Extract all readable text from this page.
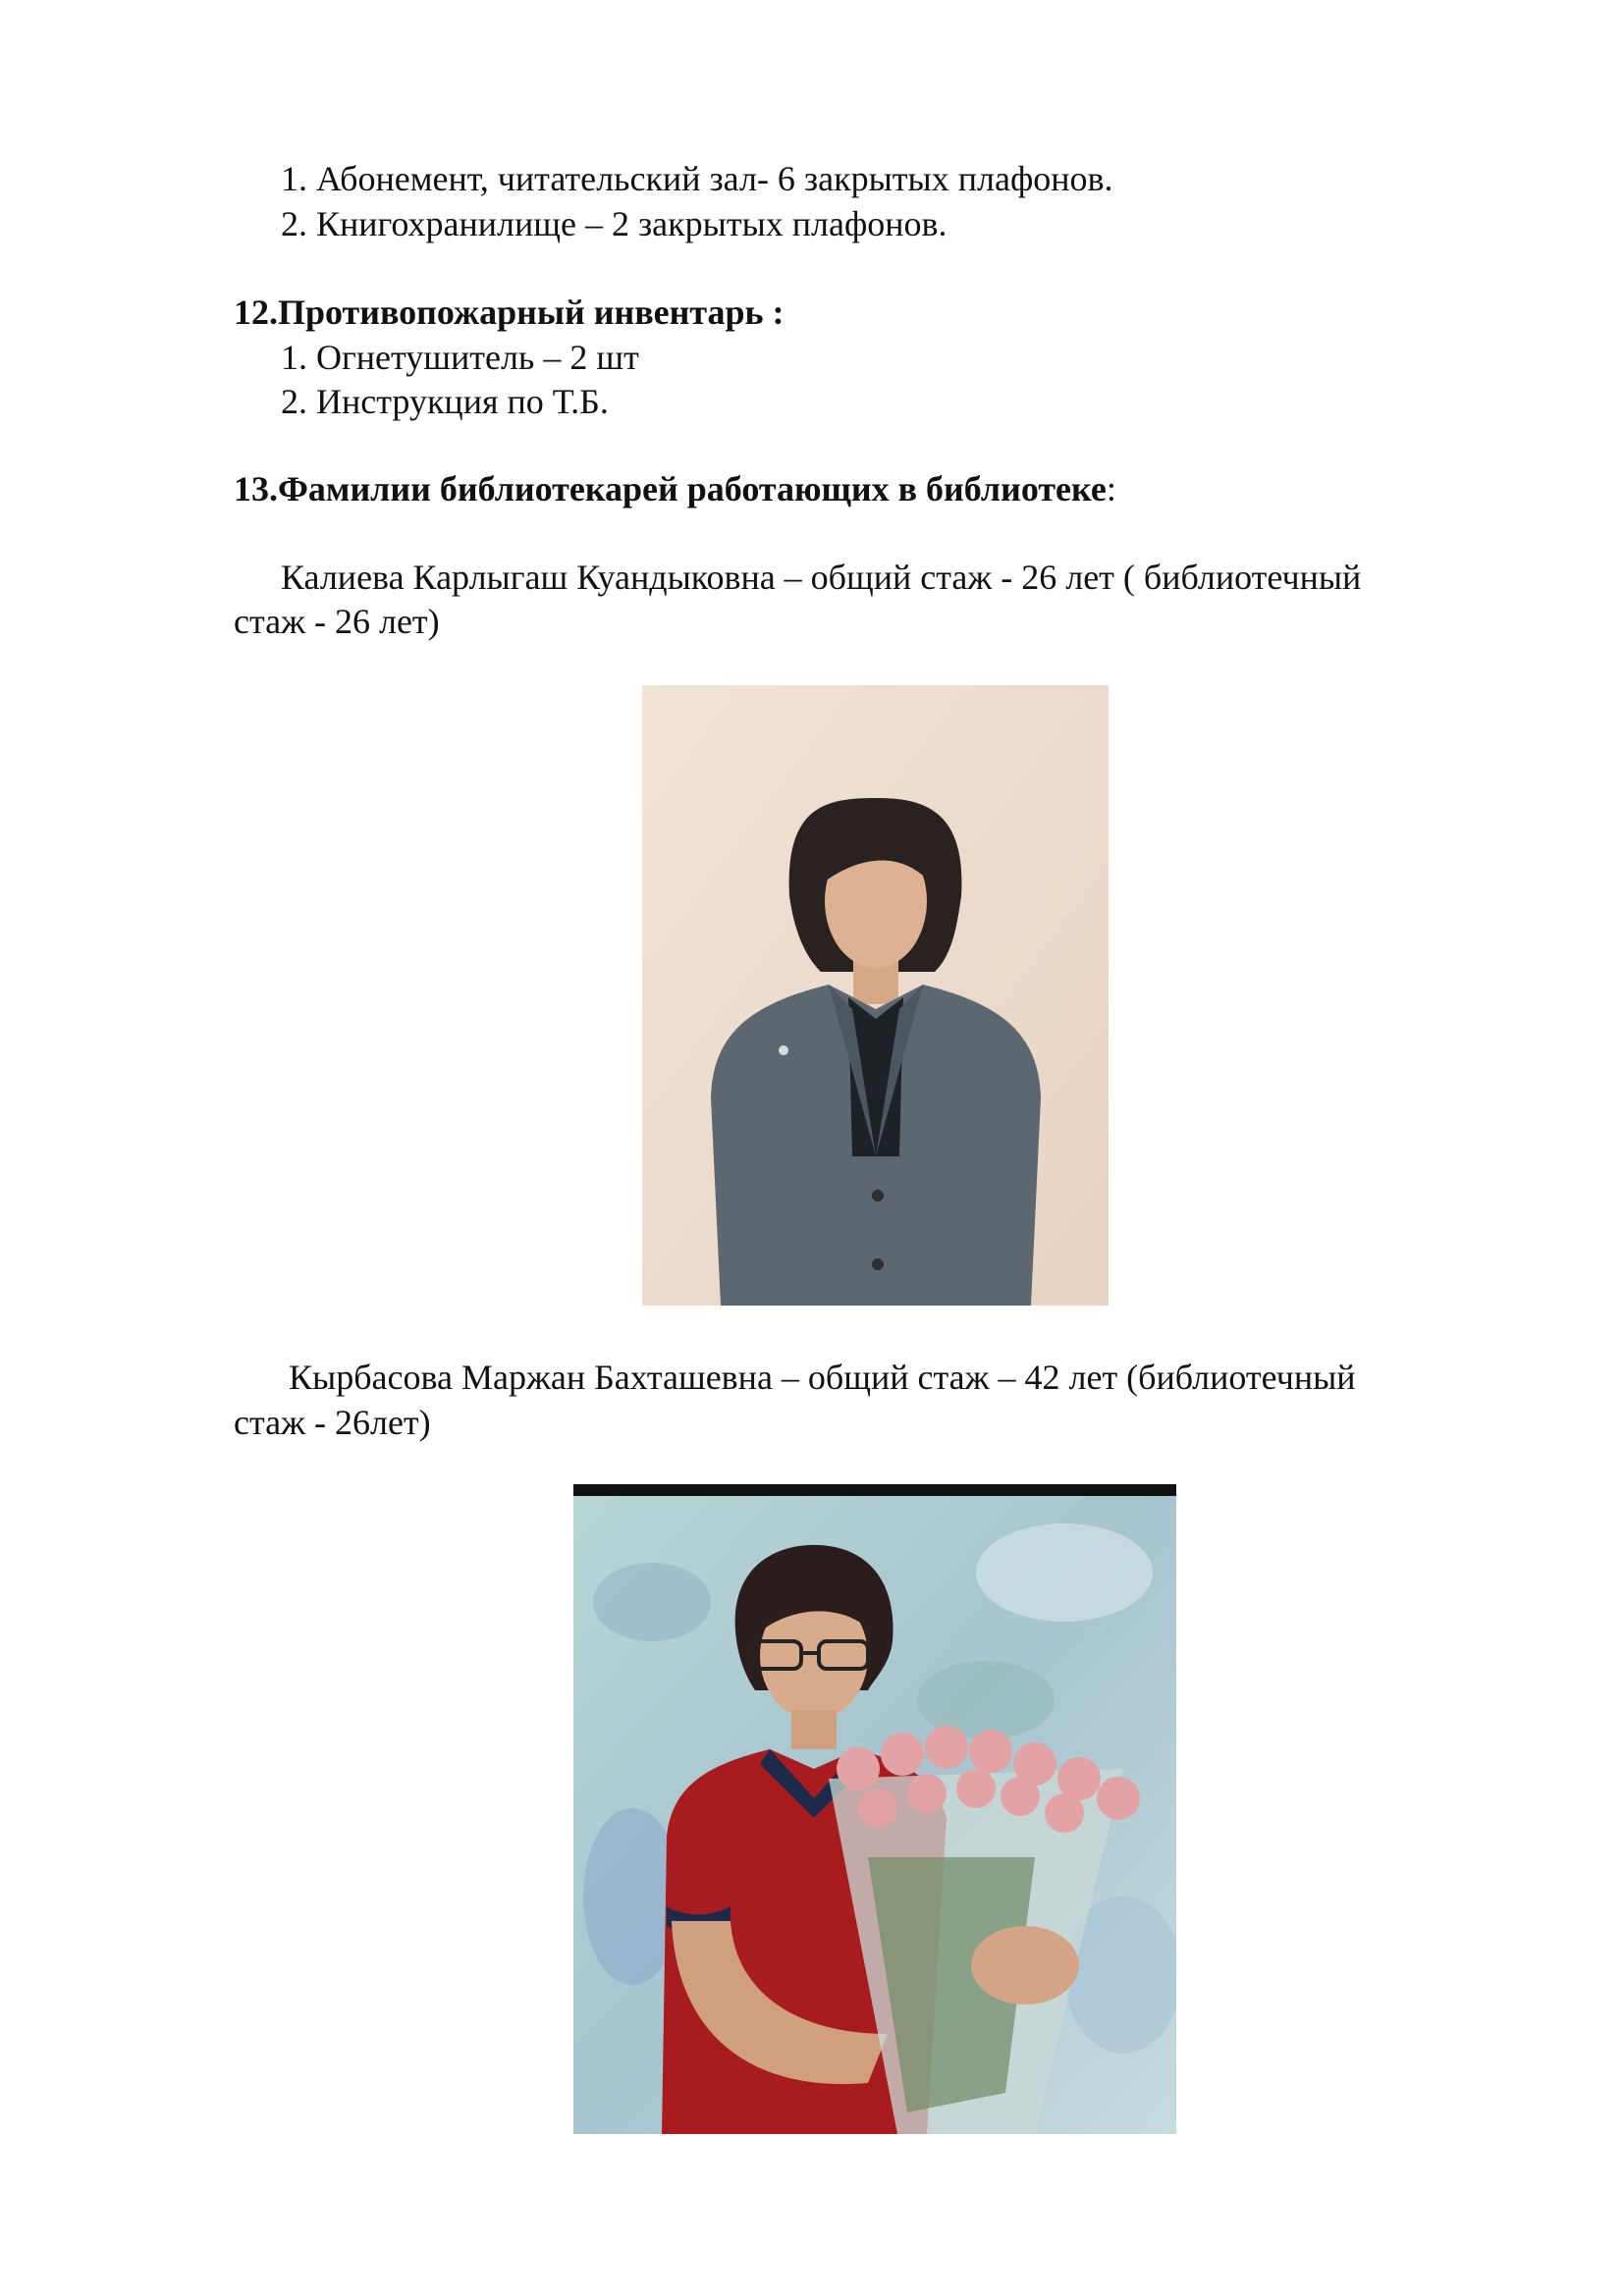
1. Абонемент, читательский зал- 6 закрытых плафонов.
2. Книгохранилище – 2 закрытых плафонов.
12.Противопожарный инвентарь :
1. Огнетушитель – 2 шт
2. Инструкция по Т.Б.
13.Фамилии библиотекарей работающих в библиотеке:
Калиева Карлыгаш Куандыковна – общий стаж - 26 лет ( библиотечный
стаж - 26 лет)
Кырбасова Маржан Бахташевна – общий стаж – 42 лет (библиотечный
стаж - 26лет)
